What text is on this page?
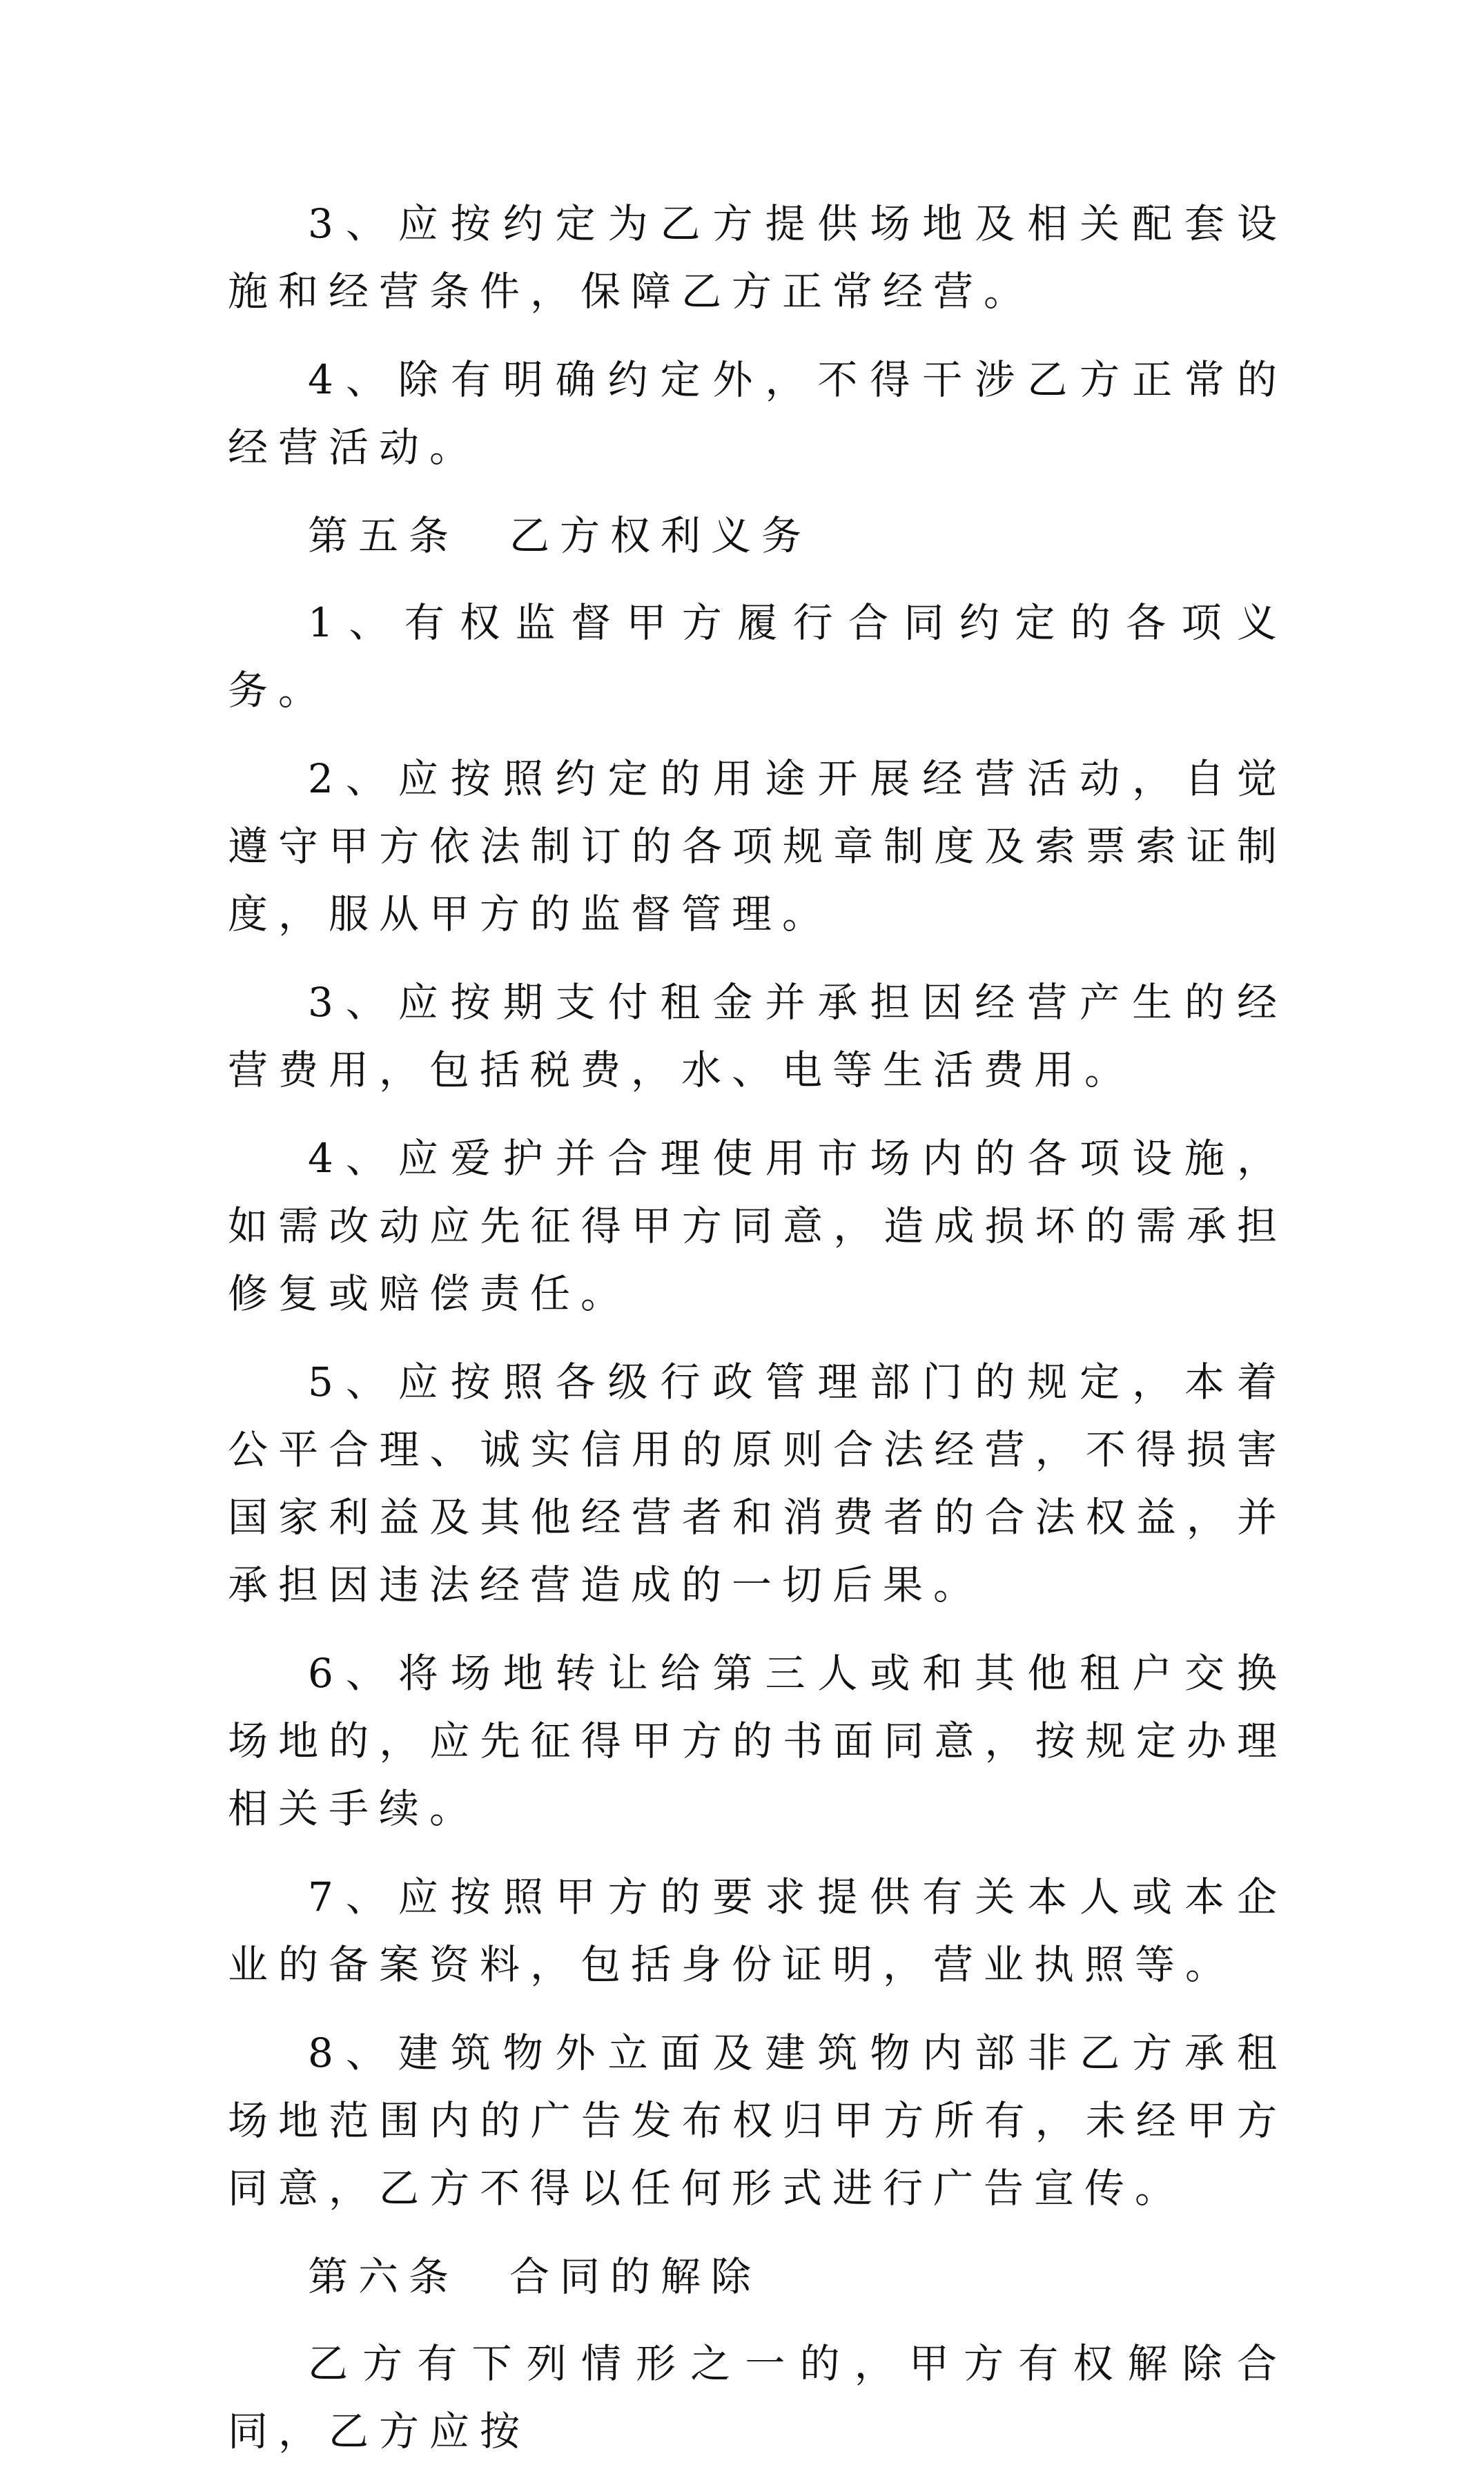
3、应按约定为乙方提供场地及相关配套设施和经营条件，保障乙方正常经营。

4、除有明确约定外，不得干涉乙方正常的经营活动。

第五条　乙方权利义务

1、有权监督甲方履行合同约定的各项义务。

2、应按照约定的用途开展经营活动，自觉遵守甲方依法制订的各项规章制度及索票索证制度，服从甲方的监督管理。

3、应按期支付租金并承担因经营产生的经营费用，包括税费，水、电等生活费用。

4、应爱护并合理使用市场内的各项设施，如需改动应先征得甲方同意，造成损坏的需承担修复或赔偿责任。

5、应按照各级行政管理部门的规定，本着公平合理、诚实信用的原则合法经营，不得损害国家利益及其他经营者和消费者的合法权益，并承担因违法经营造成的一切后果。

6、将场地转让给第三人或和其他租户交换场地的，应先征得甲方的书面同意，按规定办理相关手续。

7、应按照甲方的要求提供有关本人或本企业的备案资料，包括身份证明，营业执照等。

8、建筑物外立面及建筑物内部非乙方承租场地范围内的广告发布权归甲方所有，未经甲方同意，乙方不得以任何形式进行广告宣传。

第六条　合同的解除

乙方有下列情形之一的，甲方有权解除合同，乙方应按
